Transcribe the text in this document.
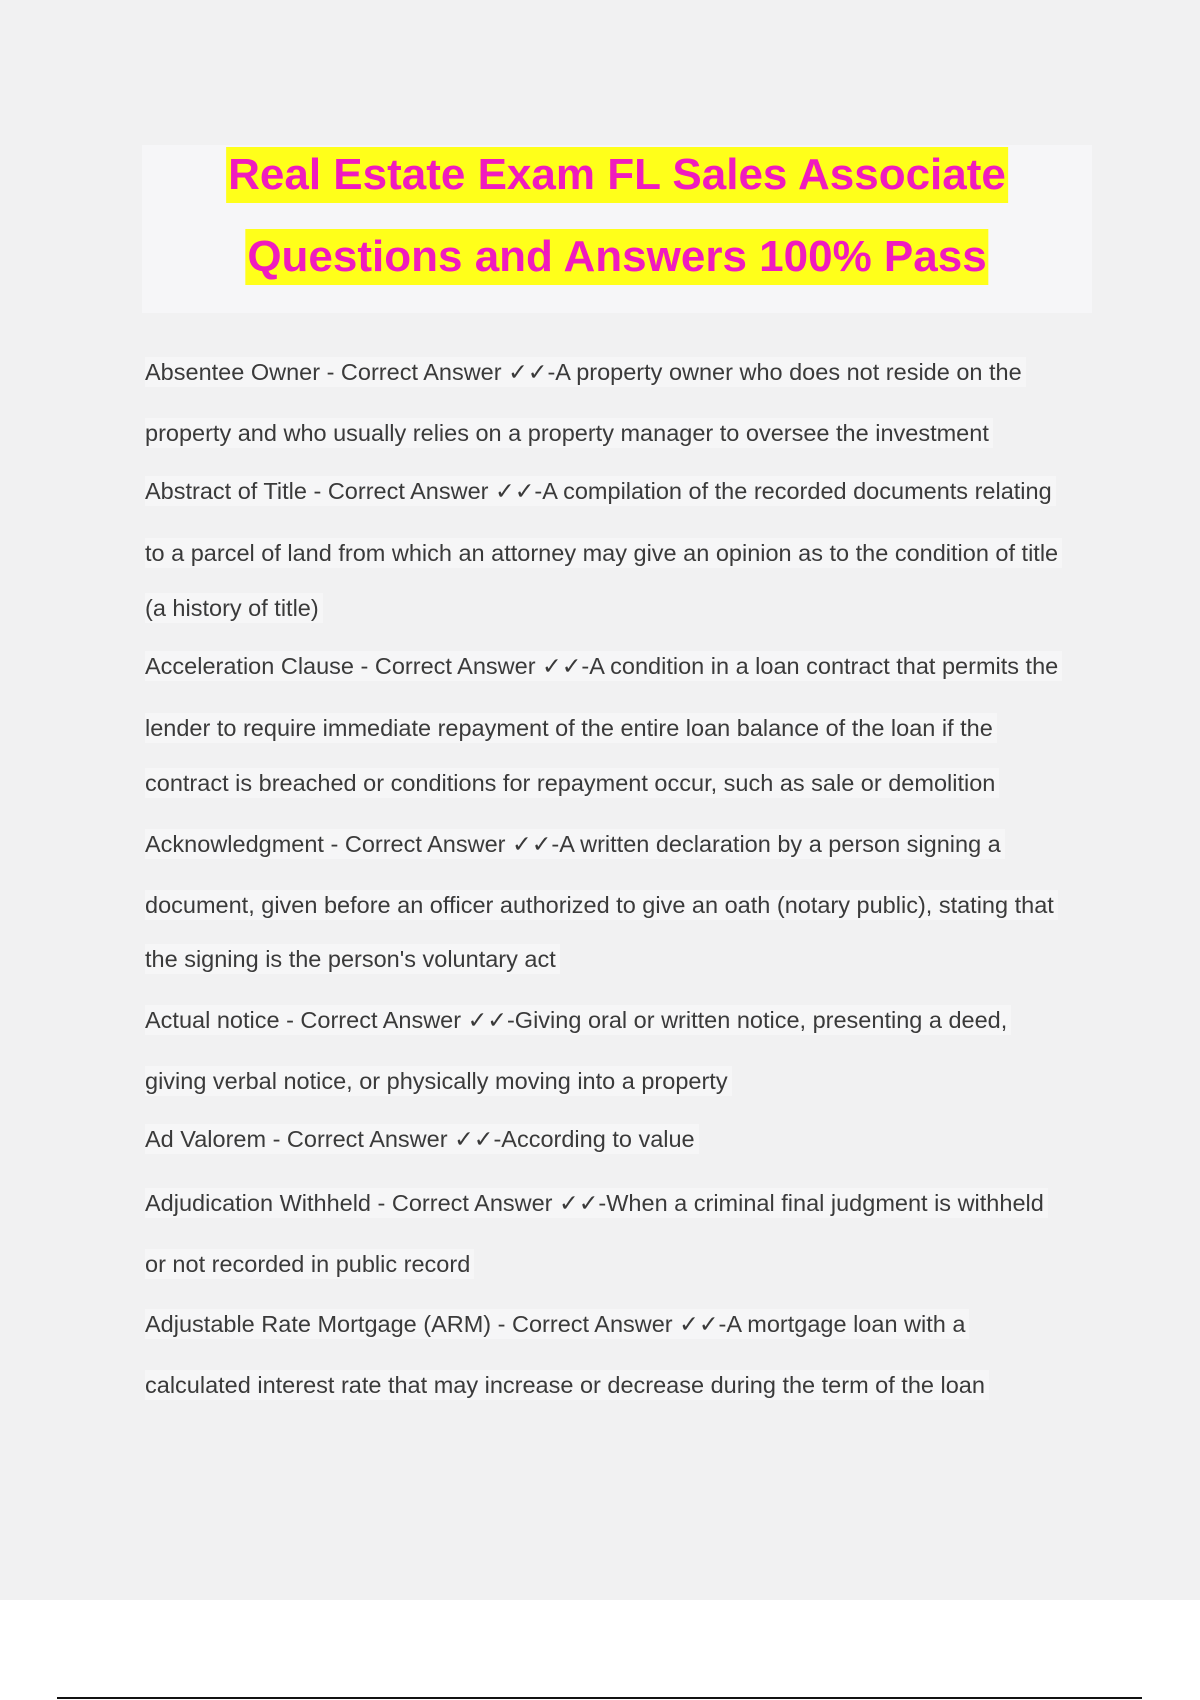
Real Estate Exam FL Sales Associate
Questions and Answers 100% Pass
Absentee Owner - Correct Answer ✓✓-A property owner who does not reside on the
property and who usually relies on a property manager to oversee the investment
Abstract of Title - Correct Answer ✓✓-A compilation of the recorded documents relating
to a parcel of land from which an attorney may give an opinion as to the condition of title
(a history of title)
Acceleration Clause - Correct Answer ✓✓-A condition in a loan contract that permits the
lender to require immediate repayment of the entire loan balance of the loan if the
contract is breached or conditions for repayment occur, such as sale or demolition
Acknowledgment - Correct Answer ✓✓-A written declaration by a person signing a
document, given before an officer authorized to give an oath (notary public), stating that
the signing is the person's voluntary act
Actual notice - Correct Answer ✓✓-Giving oral or written notice, presenting a deed,
giving verbal notice, or physically moving into a property
Ad Valorem - Correct Answer ✓✓-According to value
Adjudication Withheld - Correct Answer ✓✓-When a criminal final judgment is withheld
or not recorded in public record
Adjustable Rate Mortgage (ARM) - Correct Answer ✓✓-A mortgage loan with a
calculated interest rate that may increase or decrease during the term of the loan
